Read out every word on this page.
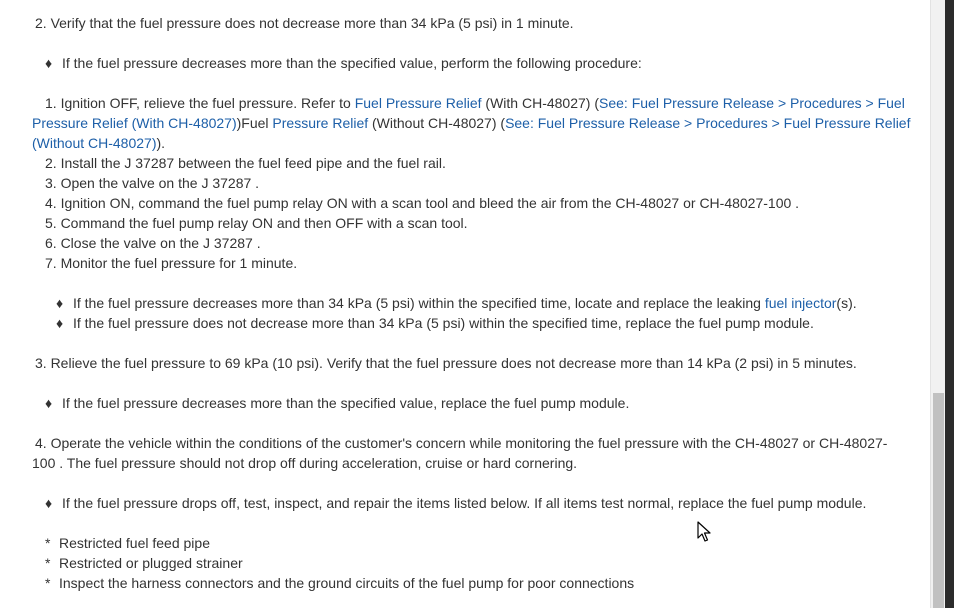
2. Verify that the fuel pressure does not decrease more than 34 kPa (5 psi) in 1 minute.
♦ If the fuel pressure decreases more than the specified value, perform the following procedure:
1. Ignition OFF, relieve the fuel pressure. Refer to Fuel Pressure Relief (With CH-48027) (See: Fuel Pressure Release > Procedures > Fuel
Pressure Relief (With CH-48027))Fuel Pressure Relief (Without CH-48027) (See: Fuel Pressure Release > Procedures > Fuel Pressure Relief
(Without CH-48027)).
2. Install the J 37287 between the fuel feed pipe and the fuel rail.
3. Open the valve on the J 37287 .
4. Ignition ON, command the fuel pump relay ON with a scan tool and bleed the air from the CH-48027 or CH-48027-100 .
5. Command the fuel pump relay ON and then OFF with a scan tool.
6. Close the valve on the J 37287 .
7. Monitor the fuel pressure for 1 minute.
♦ If the fuel pressure decreases more than 34 kPa (5 psi) within the specified time, locate and replace the leaking fuel injector(s).
♦ If the fuel pressure does not decrease more than 34 kPa (5 psi) within the specified time, replace the fuel pump module.
3. Relieve the fuel pressure to 69 kPa (10 psi). Verify that the fuel pressure does not decrease more than 14 kPa (2 psi) in 5 minutes.
♦ If the fuel pressure decreases more than the specified value, replace the fuel pump module.
4. Operate the vehicle within the conditions of the customer's concern while monitoring the fuel pressure with the CH-48027 or CH-48027-
100 . The fuel pressure should not drop off during acceleration, cruise or hard cornering.
♦ If the fuel pressure drops off, test, inspect, and repair the items listed below. If all items test normal, replace the fuel pump module.
* Restricted fuel feed pipe
* Restricted or plugged strainer
* Inspect the harness connectors and the ground circuits of the fuel pump for poor connections
